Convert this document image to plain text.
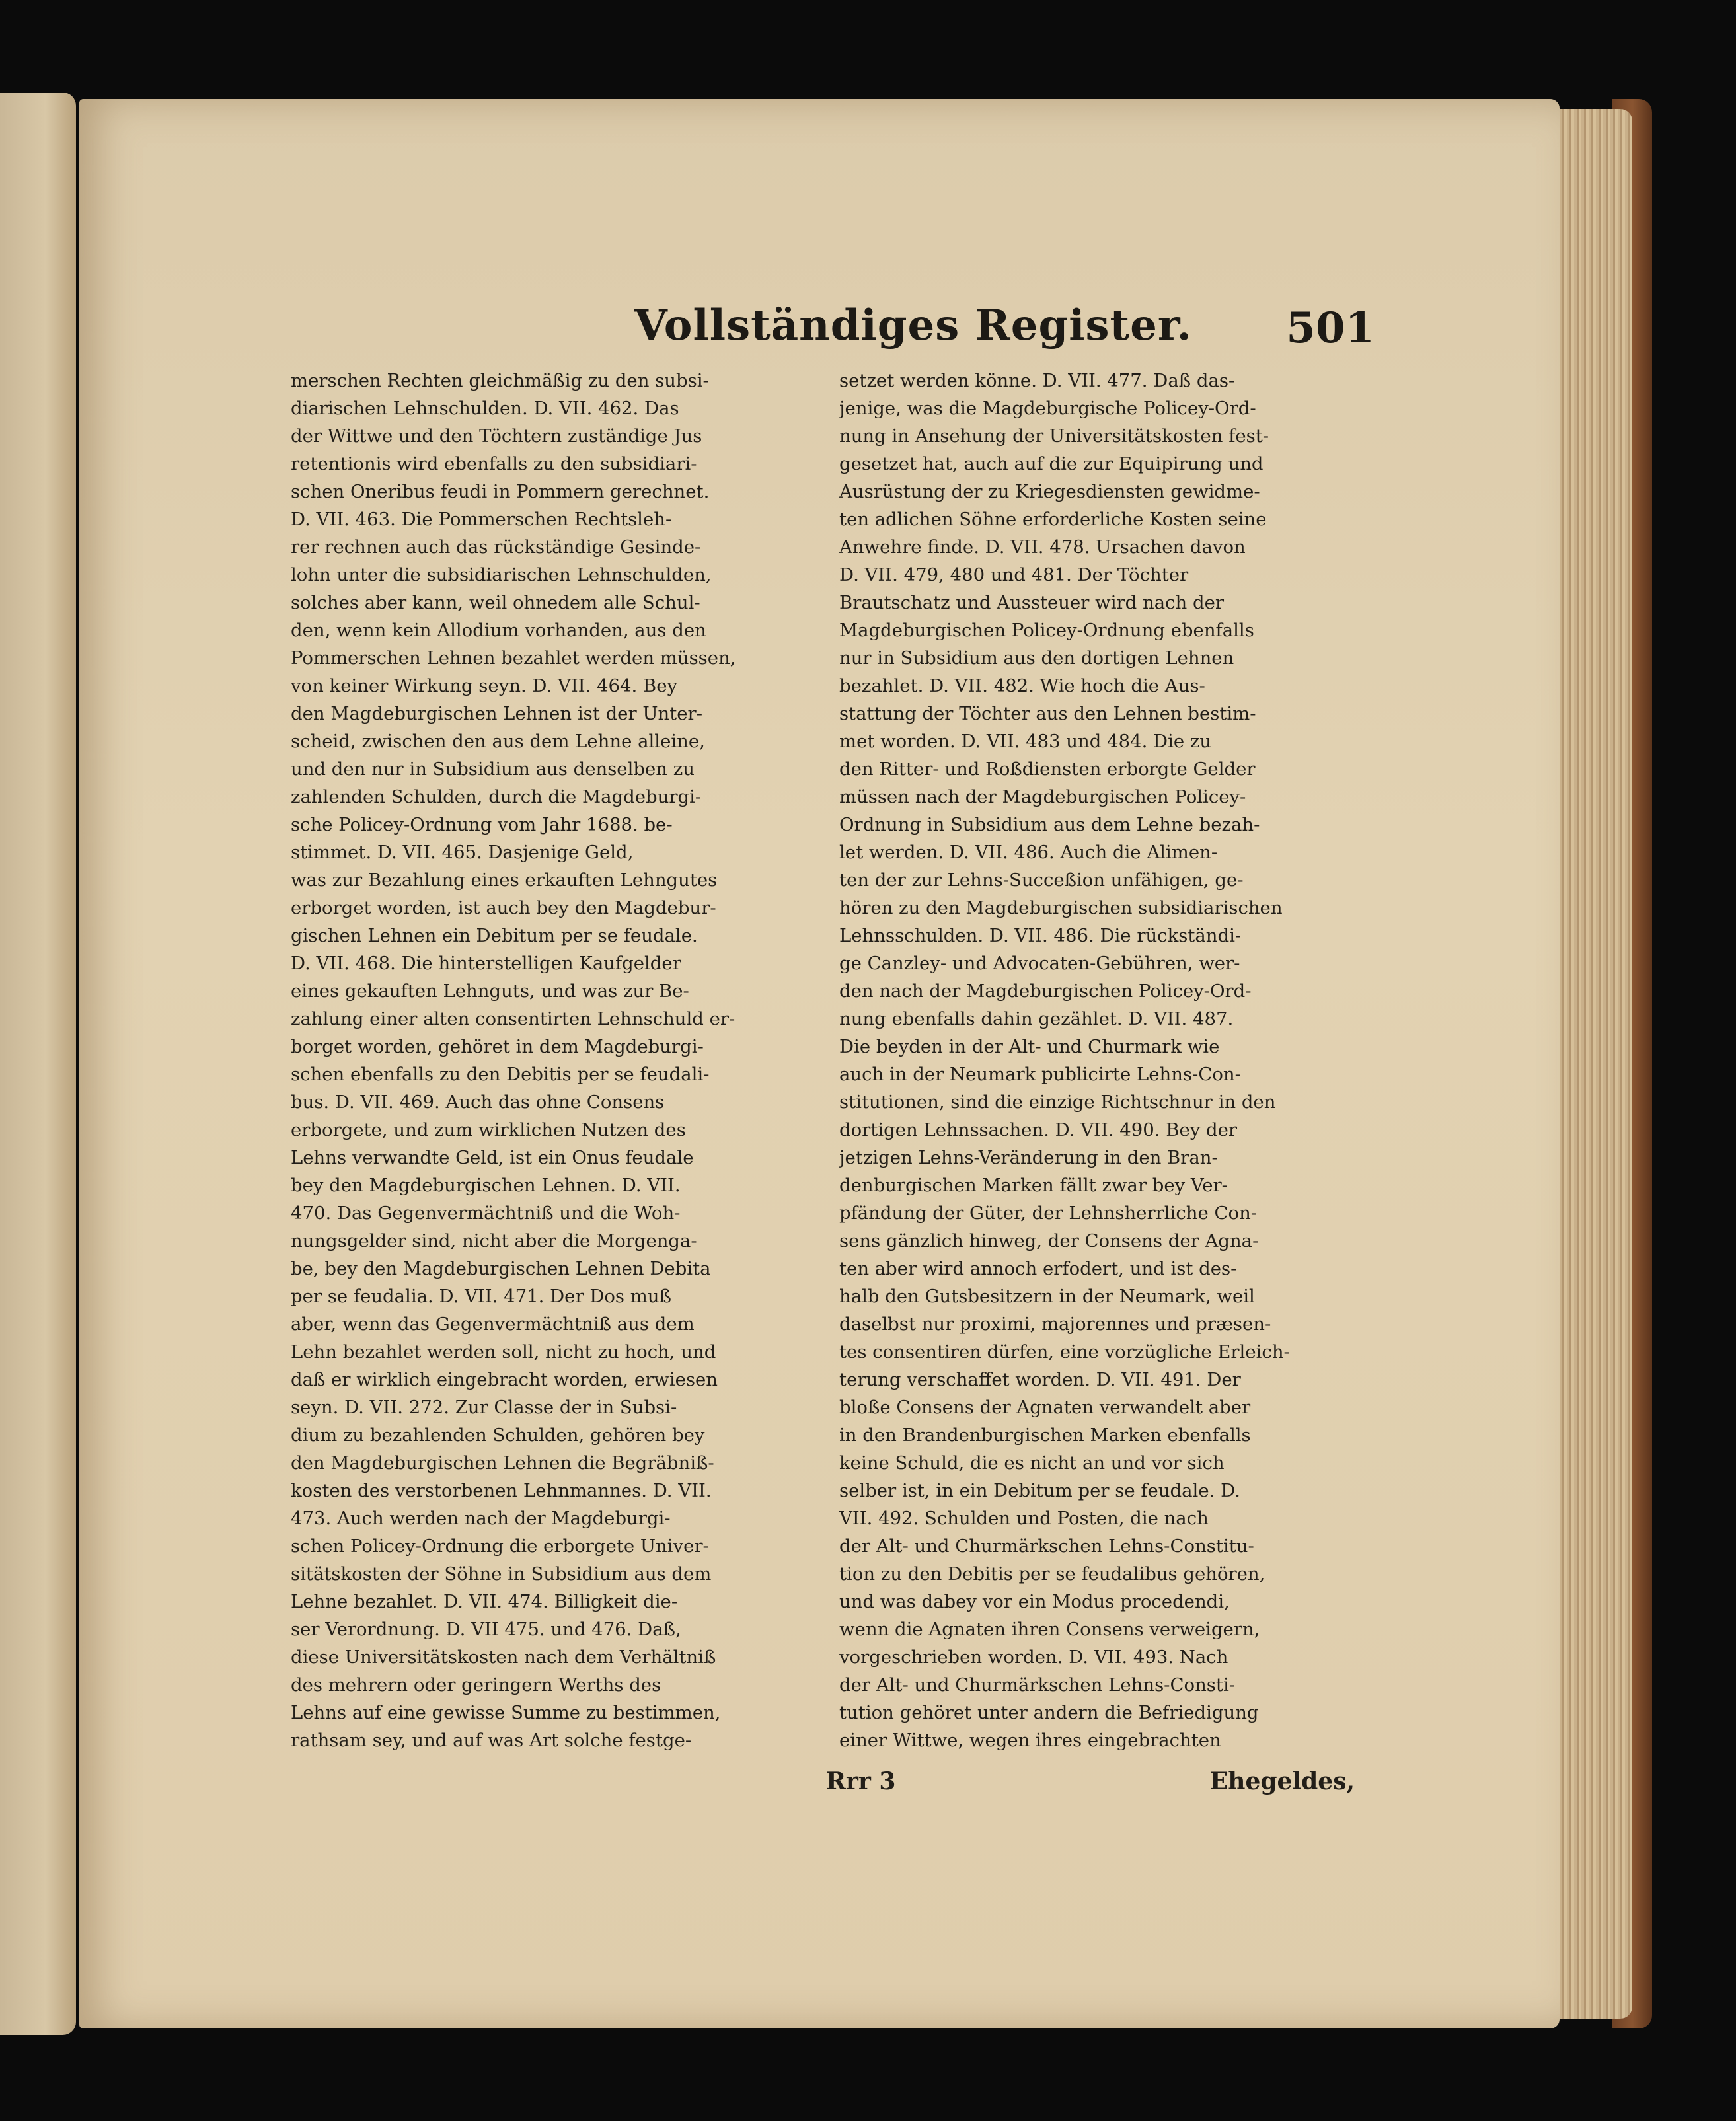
Vollständiges Register. 501
merschen Rechten gleichmäßig zu den subsi-
diarischen Lehnschulden. D. VII. 462. Das
der Wittwe und den Töchtern zuständige Jus
retentionis wird ebenfalls zu den subsidiari-
schen Oneribus feudi in Pommern gerechnet.
D. VII. 463. Die Pommerschen Rechtsleh-
rer rechnen auch das rückständige Gesinde-
lohn unter die subsidiarischen Lehnschulden,
solches aber kann, weil ohnedem alle Schul-
den, wenn kein Allodium vorhanden, aus den
Pommerschen Lehnen bezahlet werden müssen,
von keiner Wirkung seyn. D. VII. 464. Bey
den Magdeburgischen Lehnen ist der Unter-
scheid, zwischen den aus dem Lehne alleine,
und den nur in Subsidium aus denselben zu
zahlenden Schulden, durch die Magdeburgi-
sche Policey-Ordnung vom Jahr 1688. be-
stimmet. D. VII. 465. Dasjenige Geld,
was zur Bezahlung eines erkauften Lehngutes
erborget worden, ist auch bey den Magdebur-
gischen Lehnen ein Debitum per se feudale.
D. VII. 468. Die hinterstelligen Kaufgelder
eines gekauften Lehnguts, und was zur Be-
zahlung einer alten consentirten Lehnschuld er-
borget worden, gehöret in dem Magdeburgi-
schen ebenfalls zu den Debitis per se feudali-
bus. D. VII. 469. Auch das ohne Consens
erborgete, und zum wirklichen Nutzen des
Lehns verwandte Geld, ist ein Onus feudale
bey den Magdeburgischen Lehnen. D. VII.
470. Das Gegenvermächtniß und die Woh-
nungsgelder sind, nicht aber die Morgenga-
be, bey den Magdeburgischen Lehnen Debita
per se feudalia. D. VII. 471. Der Dos muß
aber, wenn das Gegenvermächtniß aus dem
Lehn bezahlet werden soll, nicht zu hoch, und
daß er wirklich eingebracht worden, erwiesen
seyn. D. VII. 272. Zur Classe der in Subsi-
dium zu bezahlenden Schulden, gehören bey
den Magdeburgischen Lehnen die Begräbniß-
kosten des verstorbenen Lehnmannes. D. VII.
473. Auch werden nach der Magdeburgi-
schen Policey-Ordnung die erborgete Univer-
sitätskosten der Söhne in Subsidium aus dem
Lehne bezahlet. D. VII. 474. Billigkeit die-
ser Verordnung. D. VII 475. und 476. Daß,
diese Universitätskosten nach dem Verhältniß
des mehrern oder geringern Werths des
Lehns auf eine gewisse Summe zu bestimmen,
rathsam sey, und auf was Art solche festge-
setzet werden könne. D. VII. 477. Daß das-
jenige, was die Magdeburgische Policey-Ord-
nung in Ansehung der Universitätskosten fest-
gesetzet hat, auch auf die zur Equipirung und
Ausrüstung der zu Kriegesdiensten gewidme-
ten adlichen Söhne erforderliche Kosten seine
Anwehre finde. D. VII. 478. Ursachen davon
D. VII. 479, 480 und 481. Der Töchter
Brautschatz und Aussteuer wird nach der
Magdeburgischen Policey-Ordnung ebenfalls
nur in Subsidium aus den dortigen Lehnen
bezahlet. D. VII. 482. Wie hoch die Aus-
stattung der Töchter aus den Lehnen bestim-
met worden. D. VII. 483 und 484. Die zu
den Ritter- und Roßdiensten erborgte Gelder
müssen nach der Magdeburgischen Policey-
Ordnung in Subsidium aus dem Lehne bezah-
let werden. D. VII. 486. Auch die Alimen-
ten der zur Lehns-Succeßion unfähigen, ge-
hören zu den Magdeburgischen subsidiarischen
Lehnsschulden. D. VII. 486. Die rückständi-
ge Canzley- und Advocaten-Gebühren, wer-
den nach der Magdeburgischen Policey-Ord-
nung ebenfalls dahin gezählet. D. VII. 487.
Die beyden in der Alt- und Churmark wie
auch in der Neumark publicirte Lehns-Con-
stitutionen, sind die einzige Richtschnur in den
dortigen Lehnssachen. D. VII. 490. Bey der
jetzigen Lehns-Veränderung in den Bran-
denburgischen Marken fällt zwar bey Ver-
pfändung der Güter, der Lehnsherrliche Con-
sens gänzlich hinweg, der Consens der Agna-
ten aber wird annoch erfodert, und ist des-
halb den Gutsbesitzern in der Neumark, weil
daselbst nur proximi, majorennes und præsen-
tes consentiren dürfen, eine vorzügliche Erleich-
terung verschaffet worden. D. VII. 491. Der
bloße Consens der Agnaten verwandelt aber
in den Brandenburgischen Marken ebenfalls
keine Schuld, die es nicht an und vor sich
selber ist, in ein Debitum per se feudale. D.
VII. 492. Schulden und Posten, die nach
der Alt- und Churmärkschen Lehns-Constitu-
tion zu den Debitis per se feudalibus gehören,
und was dabey vor ein Modus procedendi,
wenn die Agnaten ihren Consens verweigern,
vorgeschrieben worden. D. VII. 493. Nach
der Alt- und Churmärkschen Lehns-Consti-
tution gehöret unter andern die Befriedigung
einer Wittwe, wegen ihres eingebrachten
Rrr 3	Ehegeldes,
